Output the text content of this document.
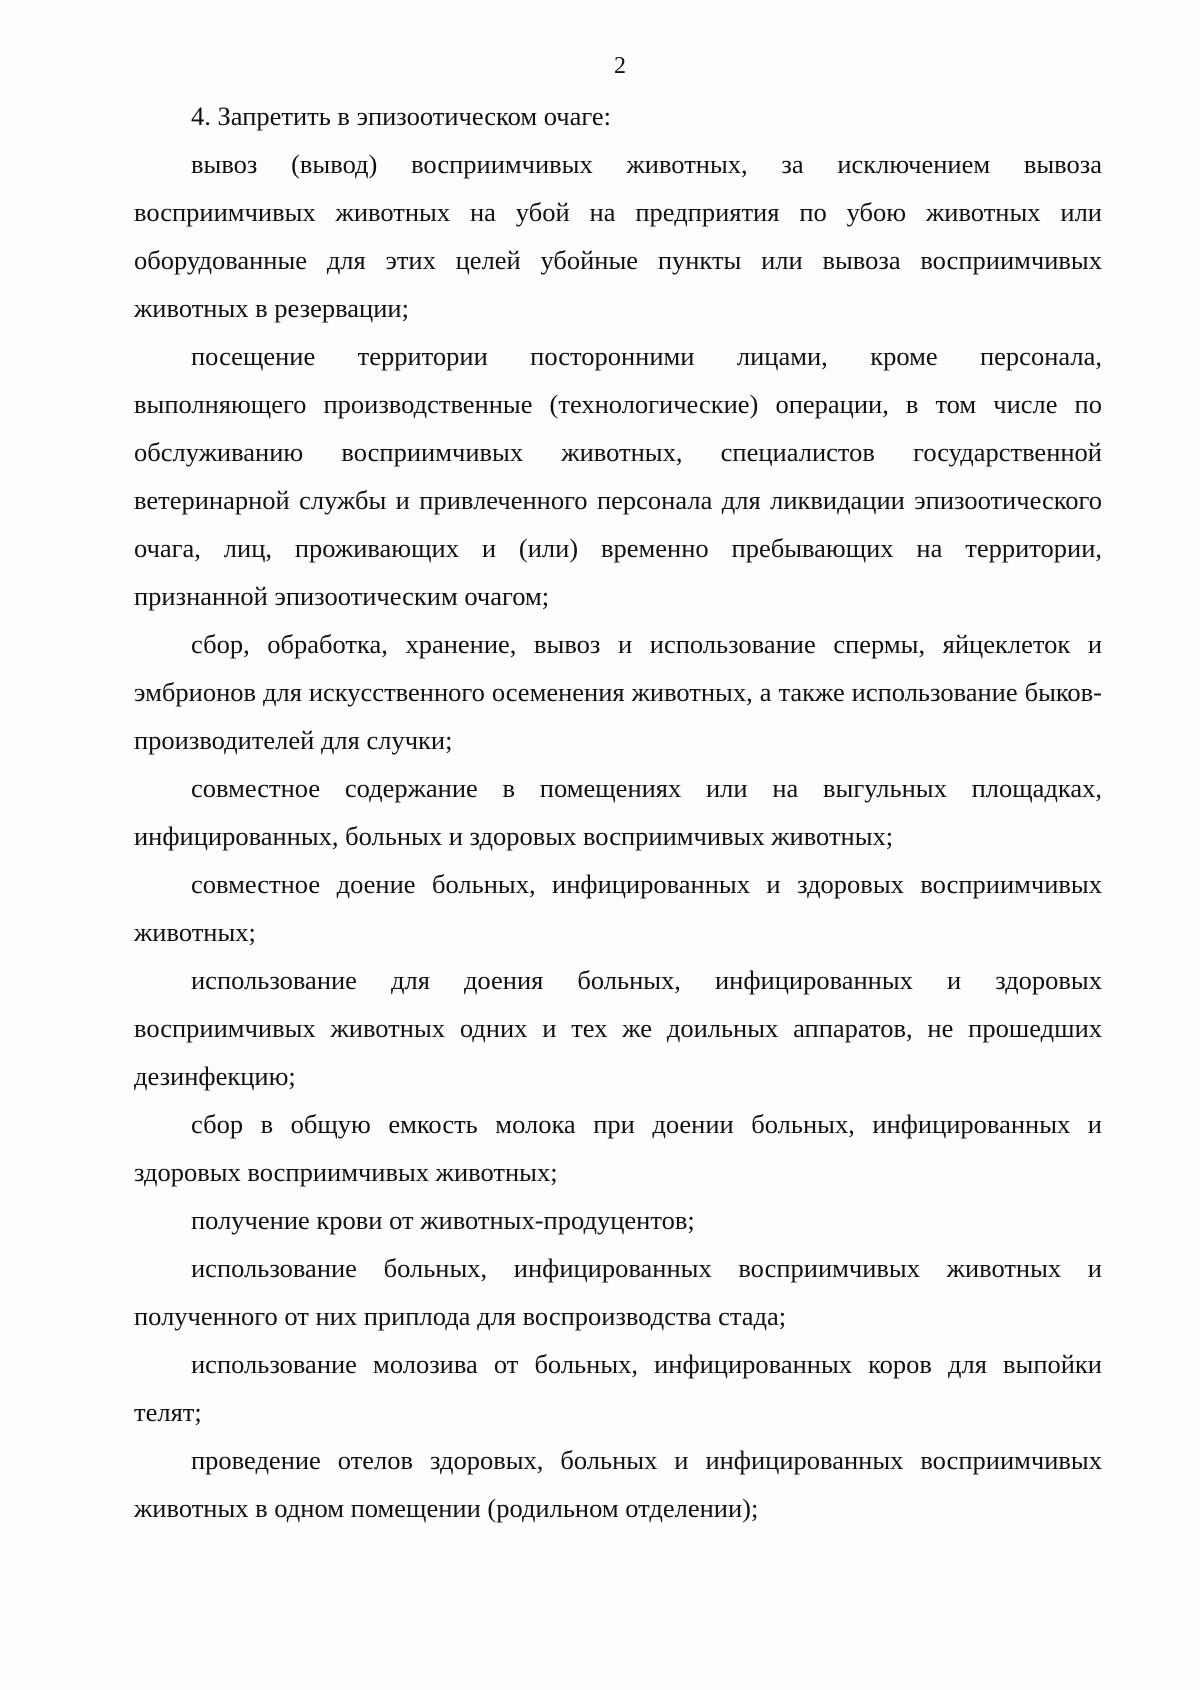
2

4. Запретить в эпизоотическом очаге:

вывоз (вывод) восприимчивых животных, за исключением вывоза восприимчивых животных на убой на предприятия по убою животных или оборудованные для этих целей убойные пункты или вывоза восприимчивых животных в резервации;

посещение территории посторонними лицами, кроме персонала, выполняющего производственные (технологические) операции, в том числе по обслуживанию восприимчивых животных, специалистов государственной ветеринарной службы и привлеченного персонала для ликвидации эпизоотического очага, лиц, проживающих и (или) временно пребывающих на территории, признанной эпизоотическим очагом;

сбор, обработка, хранение, вывоз и использование спермы, яйцеклеток и эмбрионов для искусственного осеменения животных, а также использование быков-производителей для случки;

совместное содержание в помещениях или на выгульных площадках, инфицированных, больных и здоровых восприимчивых животных;

совместное доение больных, инфицированных и здоровых восприимчивых животных;

использование для доения больных, инфицированных и здоровых восприимчивых животных одних и тех же доильных аппаратов, не прошедших дезинфекцию;

сбор в общую емкость молока при доении больных, инфицированных и здоровых восприимчивых животных;

получение крови от животных-продуцентов;

использование больных, инфицированных восприимчивых животных и полученного от них приплода для воспроизводства стада;

использование молозива от больных, инфицированных коров для выпойки телят;

проведение отелов здоровых, больных и инфицированных восприимчивых животных в одном помещении (родильном отделении);
